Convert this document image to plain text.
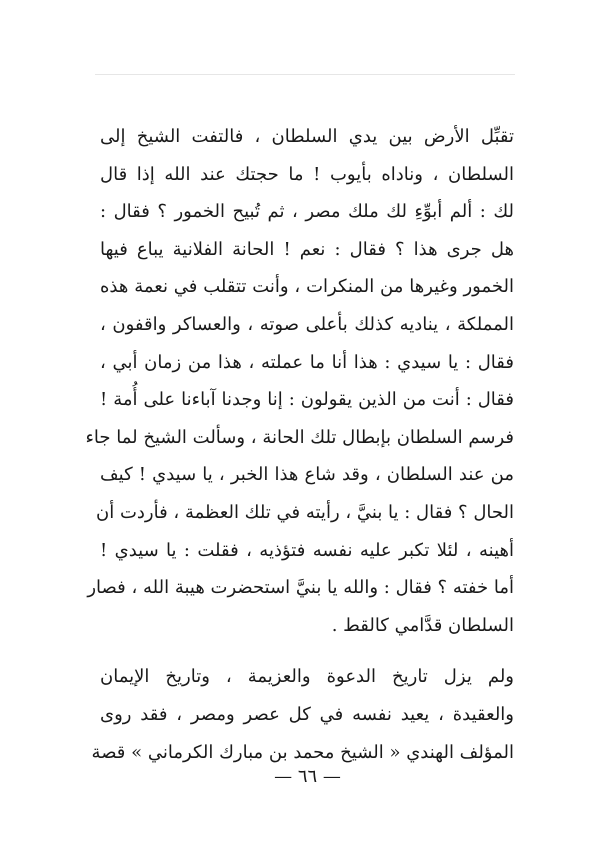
تقبِّل الأرض بين يدي السلطان ، فالتفت الشيخ إلى
السلطان ، وناداه بأيوب ! ما حجتك عند الله إذا قال
لك : ألم أبوِّءِ لك ملك مصر ، ثم تُبيح الخمور ؟ فقال :
هل جرى هذا ؟ فقال : نعم ! الحانة الفلانية يباع فيها
الخمور وغيرها من المنكرات ، وأنت تتقلب في نعمة هذه
المملكة ، يناديه كذلك بأعلى صوته ، والعساكر واقفون ،
فقال : يا سيدي : هذا أنا ما عملته ، هذا من زمان أبي ،
فقال : أنت من الذين يقولون : إنا وجدنا آباءنا على أُمة !
فرسم السلطان بإبطال تلك الحانة ، وسألت الشيخ لما جاء
من عند السلطان ، وقد شاع هذا الخبر ، يا سيدي ! كيف
الحال ؟ فقال : يا بنيَّ ، رأيته في تلك العظمة ، فأردت أن
أهينه ، لئلا تكبر عليه نفسه فتؤذيه ، فقلت : يا سيدي !
أما خفته ؟ فقال : والله يا بنيَّ استحضرت هيبة الله ، فصار
السلطان قدَّامي كالقط .
ولم يزل تاريخ الدعوة والعزيمة ، وتاريخ الإيمان
والعقيدة ، يعيد نفسه في كل عصر ومصر ، فقد روى
المؤلف الهندي « الشيخ محمد بن مبارك الكرماني » قصة
— ٦٦ —
